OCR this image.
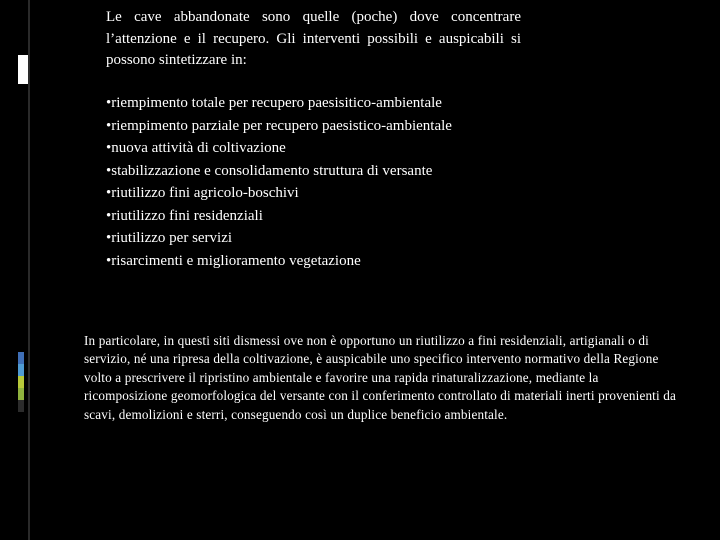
Le cave abbandonate sono quelle (poche) dove concentrare l’attenzione e il recupero. Gli interventi possibili e auspicabili si possono sintetizzare in:

• riempimento totale per recupero paesisitico-ambientale
• riempimento parziale per recupero paesistico-ambientale
• nuova attività di coltivazione
• stabilizzazione e consolidamento struttura di versante
• riutilizzo fini agricolo-boschivi
• riutilizzo fini residenziali
• riutilizzo per servizi
• risarcimenti e miglioramento vegetazione

In particolare, in questi siti dismessi ove non è opportuno un riutilizzo a fini residenziali, artigianali o di servizio, né una ripresa della coltivazione, è auspicabile uno specifico intervento normativo della Regione volto a prescrivere il ripristino ambientale e favorire una rapida rinaturalizzazione, mediante la ricomposizione geomorfologica del versante con il conferimento controllato di materiali inerti provenienti da scavi, demolizioni e sterri, conseguendo così un duplice beneficio ambientale.
